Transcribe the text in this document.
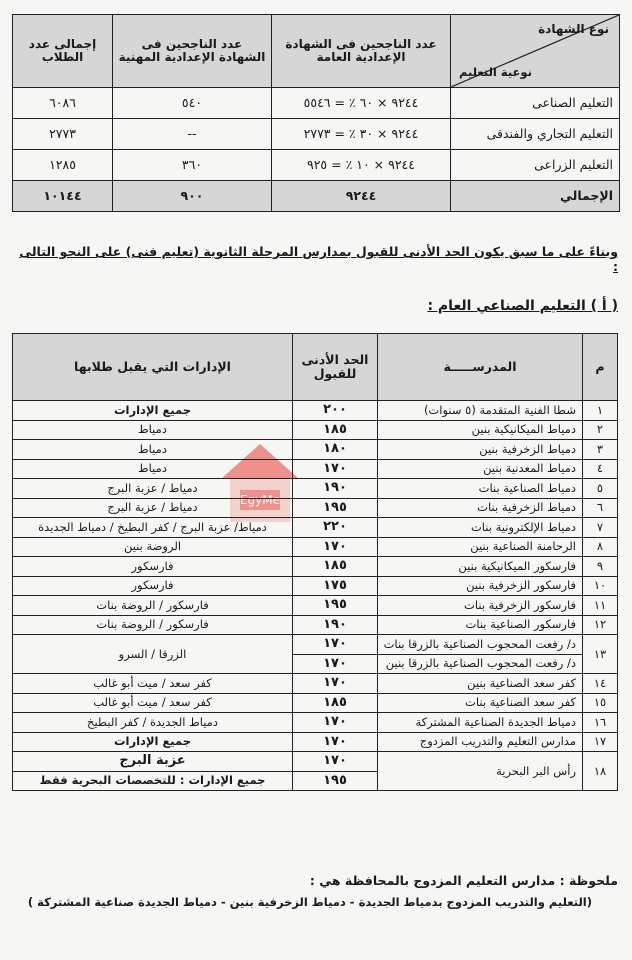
نوع الشهادة
نوعية التعليم	عدد الناجحين فى الشهادة الإعدادية العامة	عدد الناجحين فى الشهادة الإعدادية المهنية	إجمالى عدد الطلاب
التعليم الصناعى	٩٢٤٤ × ٦٠ ٪ = ٥٥٤٦	٥٤٠	٦٠٨٦
التعليم التجاري والفندقى	٩٢٤٤ × ٣٠ ٪ = ٢٧٧٣	--	٢٧٧٣
التعليم الزراعى	٩٢٤٤ × ١٠ ٪ = ٩٢٥	٣٦٠	١٢٨٥
الإجمالي	٩٢٤٤	٩٠٠	١٠١٤٤
وبناءً على ما سبق يكون الحد الأدنى للقبول بمدارس المرحلة الثانوية (تعليم فنى) على النحو التالى :
( أ ) التعليم الصناعي العام :
EgyMe
م	المدرســـــة	الحد الأدنى للقبول	الإدارات التي يقبل طلابها
١	شطا الفنية المتقدمة (٥ سنوات)	٢٠٠	جميع الإدارات
٢	دمياط الميكانيكية بنين	١٨٥	دمياط
٣	دمياط الزخرفية بنين	١٨٠	دمياط
٤	دمياط المعدنية بنين	١٧٠	دمياط
٥	دمياط الصناعية بنات	١٩٠	دمياط / عزبة البرج
٦	دمياط الزخرفية بنات	١٩٥	دمياط / عزبة البرج
٧	دمياط الإلكترونية بنات	٢٢٠	دمياط/ عزبة البرج / كفر البطيخ / دمياط الجديدة
٨	الرحامنة الصناعية بنين	١٧٠	الروضة بنين
٩	فارسكور الميكانيكية بنين	١٨٥	فارسكور
١٠	فارسكور الزخرفية بنين	١٧٥	فارسكور
١١	فارسكور الزخرفية بنات	١٩٥	فارسكور / الروضة بنات
١٢	فارسكور الصناعية بنات	١٩٠	فارسكور / الروضة بنات
١٣	د/ رفعت المحجوب الصناعية بالزرقا بنات	١٧٠	الزرقا / السرو
	د/ رفعت المحجوب الصناعية بالزرقا بنين	١٧٠	
١٤	كفر سعد الصناعية بنين	١٧٠	كفر سعد / ميت أبو غالب
١٥	كفر سعد الصناعية بنات	١٨٥	كفر سعد / ميت أبو غالب
١٦	دمياط الجديدة الصناعية المشتركة	١٧٠	دمياط الجديدة / كفر البطيخ
١٧	مدارس التعليم والتدريب المزدوج	١٧٠	جميع الإدارات
١٨	رأس البر البحرية	١٧٠	عزبة البرج
		١٩٥	جميع الإدارات : للتخصصات البحرية فقط
ملحوظة : مدارس التعليم المزدوج بالمحافظة هي :
(التعليم والتدريب المزدوج بدمياط الجديدة - دمياط الزخرفية بنين - دمياط الجديدة صناعية المشتركة )
